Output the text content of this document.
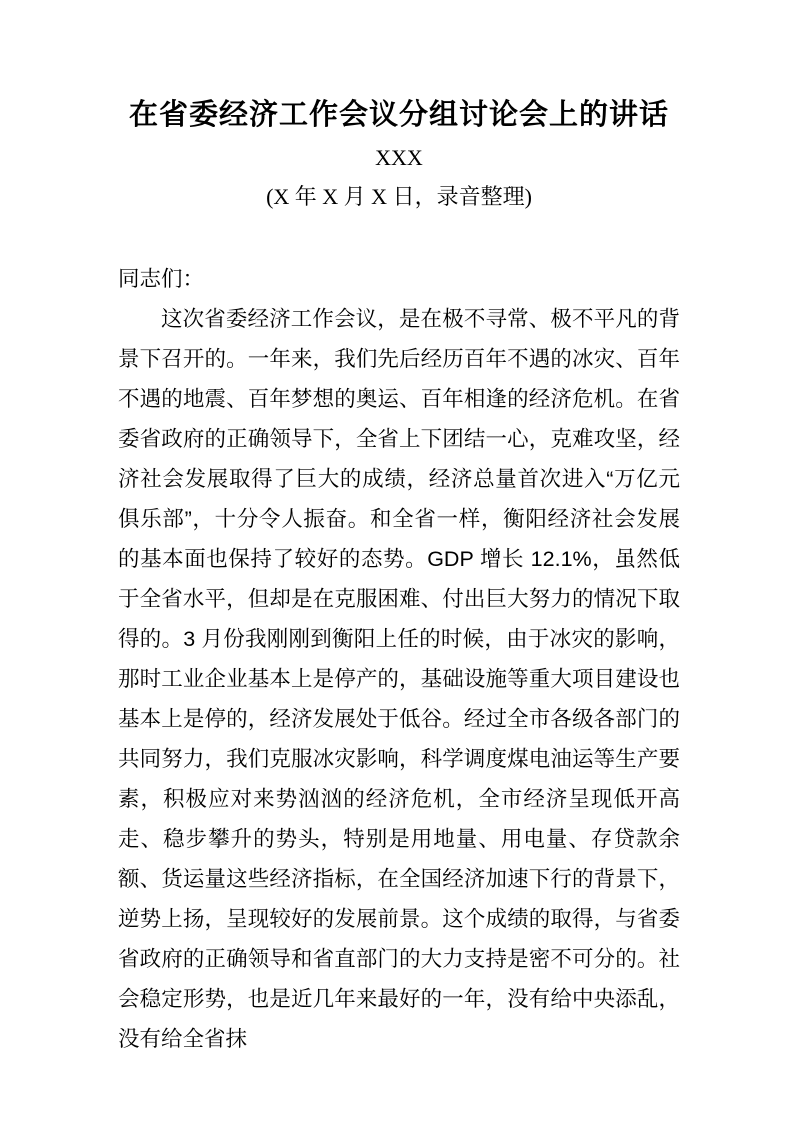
在省委经济工作会议分组讨论会上的讲话
XXX
(X 年 X 月 X 日，录音整理)
同志们：

这次省委经济工作会议，是在极不寻常、极不平凡的背景下召开的。一年来，我们先后经历百年不遇的冰灾、百年不遇的地震、百年梦想的奥运、百年相逢的经济危机。在省委省政府的正确领导下，全省上下团结一心，克难攻坚，经济社会发展取得了巨大的成绩，经济总量首次进入“万亿元俱乐部”，十分令人振奋。和全省一样，衡阳经济社会发展的基本面也保持了较好的态势。GDP 增长 12.1%，虽然低于全省水平，但却是在克服困难、付出巨大努力的情况下取得的。3 月份我刚刚到衡阳上任的时候，由于冰灾的影响，那时工业企业基本上是停产的，基础设施等重大项目建设也基本上是停的，经济发展处于低谷。经过全市各级各部门的共同努力，我们克服冰灾影响，科学调度煤电油运等生产要素，积极应对来势汹汹的经济危机，全市经济呈现低开高走、稳步攀升的势头，特别是用地量、用电量、存贷款余额、货运量这些经济指标，在全国经济加速下行的背景下，逆势上扬，呈现较好的发展前景。这个成绩的取得，与省委省政府的正确领导和省直部门的大力支持是密不可分的。社会稳定形势，也是近几年来最好的一年，没有给中央添乱，没有给全省抹
